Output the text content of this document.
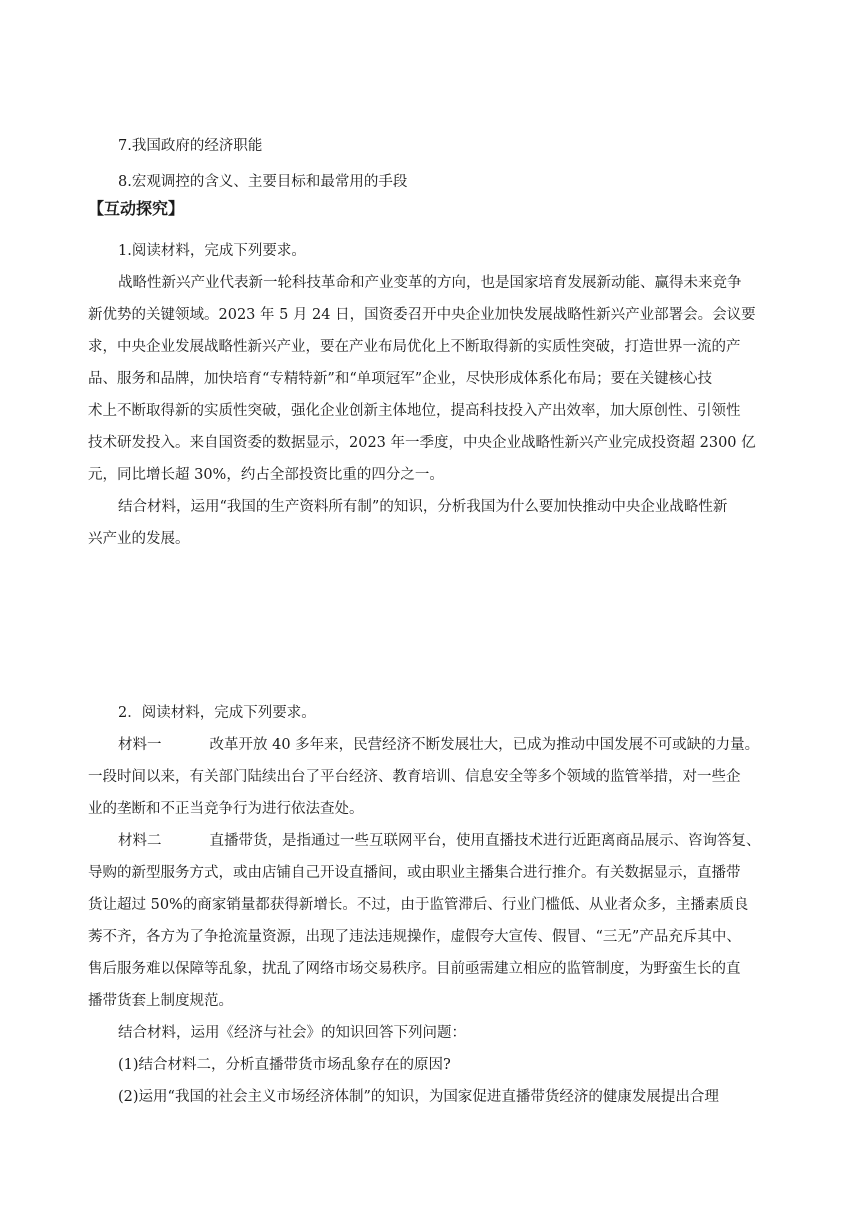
7.我国政府的经济职能
8.宏观调控的含义、主要目标和最常用的手段
【互动探究】
1.阅读材料，完成下列要求。
战略性新兴产业代表新一轮科技革命和产业变革的方向，也是国家培育发展新动能、赢得未来竞争
新优势的关键领域。2023 年 5 月 24 日，国资委召开中央企业加快发展战略性新兴产业部署会。会议要
求，中央企业发展战略性新兴产业，要在产业布局优化上不断取得新的实质性突破，打造世界一流的产
品、服务和品牌，加快培育“专精特新”和“单项冠军”企业，尽快形成体系化布局；要在关键核心技
术上不断取得新的实质性突破，强化企业创新主体地位，提高科技投入产出效率，加大原创性、引领性
技术研发投入。来自国资委的数据显示，2023 年一季度，中央企业战略性新兴产业完成投资超 2300 亿
元，同比增长超 30%，约占全部投资比重的四分之一。
结合材料，运用“我国的生产资料所有制”的知识，分析我国为什么要加快推动中央企业战略性新
兴产业的发展。
2．阅读材料，完成下列要求。
材料一	改革开放 40 多年来，民营经济不断发展壮大，已成为推动中国发展不可或缺的力量。
一段时间以来，有关部门陆续出台了平台经济、教育培训、信息安全等多个领域的监管举措，对一些企
业的垄断和不正当竞争行为进行依法查处。
材料二	直播带货，是指通过一些互联网平台，使用直播技术进行近距离商品展示、咨询答复、
导购的新型服务方式，或由店铺自己开设直播间，或由职业主播集合进行推介。有关数据显示，直播带
货让超过 50%的商家销量都获得新增长。不过，由于监管滞后、行业门槛低、从业者众多，主播素质良
莠不齐，各方为了争抢流量资源，出现了违法违规操作，虚假夸大宣传、假冒、“三无”产品充斥其中、
售后服务难以保障等乱象，扰乱了网络市场交易秩序。目前亟需建立相应的监管制度，为野蛮生长的直
播带货套上制度规范。
结合材料，运用《经济与社会》的知识回答下列问题：
(1)结合材料二，分析直播带货市场乱象存在的原因?
(2)运用“我国的社会主义市场经济体制”的知识，为国家促进直播带货经济的健康发展提出合理
